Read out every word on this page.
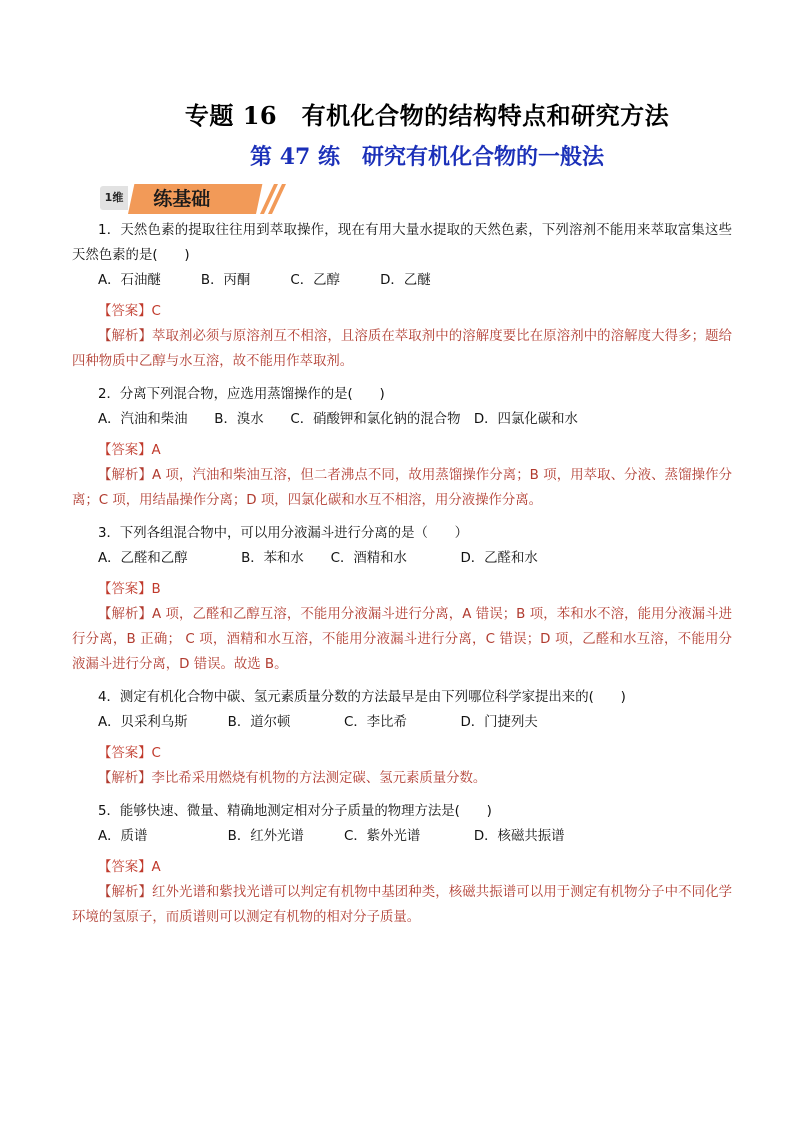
专题 16　有机化合物的结构特点和研究方法
第 47 练　研究有机化合物的一般法
1维	练基础

1．天然色素的提取往往用到萃取操作，现在有用大量水提取的天然色素，下列溶剂不能用来萃取富集这些天然色素的是(　　)

A．石油醚　　　B．丙酮　　　C．乙醇　　　D．乙醚

【答案】C

【解析】萃取剂必须与原溶剂互不相溶，且溶质在萃取剂中的溶解度要比在原溶剂中的溶解度大得多；题给四种物质中乙醇与水互溶，故不能用作萃取剂。

2．分离下列混合物，应选用蒸馏操作的是(　　)

A．汽油和柴油　　B．溴水　　C．硝酸钾和氯化钠的混合物　D．四氯化碳和水

【答案】A

【解析】A 项，汽油和柴油互溶，但二者沸点不同，故用蒸馏操作分离；B 项，用萃取、分液、蒸馏操作分离；C 项，用结晶操作分离；D 项，四氯化碳和水互不相溶，用分液操作分离。

3．下列各组混合物中，可以用分液漏斗进行分离的是（　　）

A．乙醛和乙醇　　　　B．苯和水　　C．酒精和水　　　　D．乙醛和水

【答案】B

【解析】A 项，乙醛和乙醇互溶，不能用分液漏斗进行分离，A 错误；B 项，苯和水不溶，能用分液漏斗进行分离，B 正确； C 项，酒精和水互溶，不能用分液漏斗进行分离，C 错误；D 项，乙醛和水互溶，不能用分液漏斗进行分离，D 错误。故选 B。

4．测定有机化合物中碳、氢元素质量分数的方法最早是由下列哪位科学家提出来的(　　)

A．贝采利乌斯　　　B．道尔顿　　　　C．李比希　　　　D．门捷列夫

【答案】C

【解析】李比希采用燃烧有机物的方法测定碳、氢元素质量分数。

5．能够快速、微量、精确地测定相对分子质量的物理方法是(　　)

A．质谱　　　　　　B．红外光谱　　　C．紫外光谱　　　　D．核磁共振谱

【答案】A

【解析】红外光谱和紫找光谱可以判定有机物中基团种类，核磁共振谱可以用于测定有机物分子中不同化学环境的氢原子，而质谱则可以测定有机物的相对分子质量。
